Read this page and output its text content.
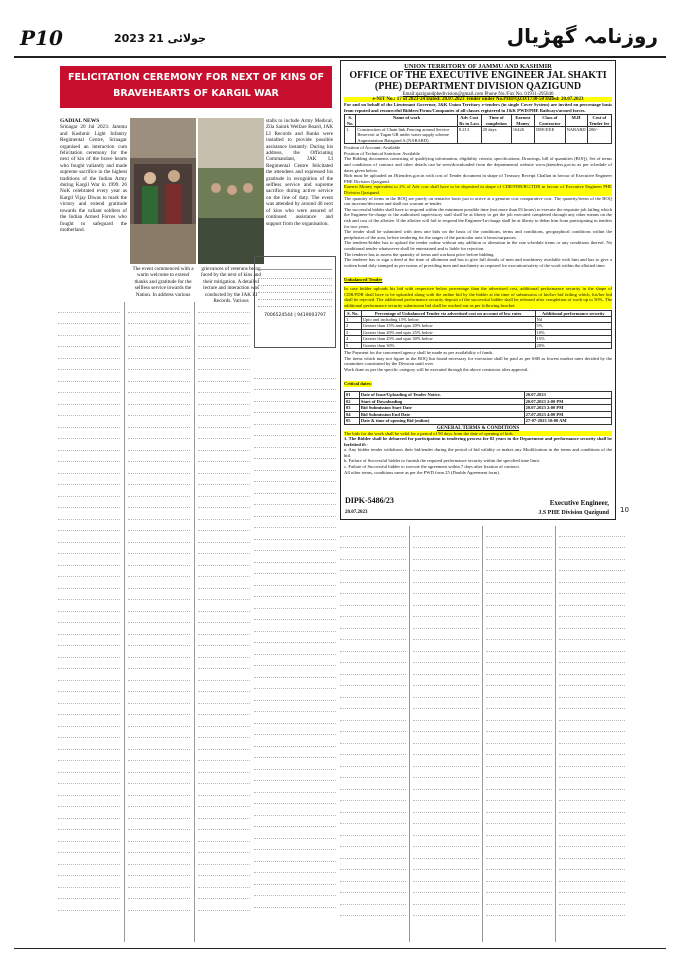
P10	2023 21 جولائی	روزنامہ گھڑیال
FELICITATION CEREMONY FOR NEXT OF KINS OF
BRAVEHEARTS OF KARGIL WAR
GADIAL NEWS
Srinagar 20 Jul 2023: Jammu and Kashmir Light Infantry Regimental Centre, Srinagar organised an interaction cum felicitation ceremony for the next of kin of the brave hearts who fought valiantly and made supreme sacrifice in the highest traditions of the Indian Army during Kargil War in 1999. 26 NoK celebrated every year as Kargil Vijay Diwas to mark the victory and extend gratitude towards the valiant soldiers of the Indian Armed Forces who fought to safeguard the motherland.
The event commenced with a warm welcome to extend thanks and gratitude for the selfless service towards the Nation. In address various
grievances of veterans being faced by the next of kins and their mitigation. A detailed lecture and interaction was conducted by the JAK LI Records. Various
stalls to include Army Medical, Zila Sainik Welfare Board, JAK LI Records and Banks were installed to provide possible assistance instantly. During his address, the Officiating Commandant, JAK LI Regimental Centre felicitated the attendees and expressed his gratitude in recognition of the selfless service and supreme sacrifice during active service on the line of duty. The event was attended by around 40 next of kins who were assured of continued assistance and support from the organisation.
7006524544 | 9419003797
UNION TERRITORY OF JAMMU AND KASHMIR
OFFICE OF THE EXECUTIVE ENGINEER JAL SHAKTI
(PHE) DEPARTMENT DIVISION QAZIGUND
Email:qazigundphedivision@gmail.com Phone No./Fax No. 01931-295040
e-NIT No.: 17 of 2023-24 Dated: 20.07.2023 Tender under No.PHD/QZD/1730-50 Dated: 20.07.2023
For and on behalf of the Lieutenant Governor, J&K Union Territory e-tenders (in single Cover System) are invited on percentage basis from reputed and resourceful Bidders/Firms/Companies of all classes registered in J&K PWD/PHE Railways/armed forces.
S. No.	Name of work	Adv Cost Rs in Lacs	Time of completion	Earnest Money	Class of Contractor	M.H	Cost of Tender fee
1.	Construction of Chain link Fencing around Service Reservoir at Tagan GR under water supply scheme Augmentation Batagund A (NABARD).	8.213	20 days	16426	DEE/EEE	NABARD	200/-
Position of Account: Available
Position of Technical Sanction: Available
The Bidding documents consisting of qualifying information, eligibility criteria, specifications, Drawings, bill of quantities (BOQ), Set of terms and conditions of contract and other details can be seen/downloaded from the departmental website www.jktenders.gov.in as per schedule of dates given below.
Bids must be uploaded on JKtenders.gov.in with cost of Tender document in shape of Treasury Receipt Challan in favour of Executive Engineer PHE Division Qazigund.
Earnest Money equivalent to 2% of Adv cost shall have to be deposited in shape of CDR/FDR/BG/TDR in favour of Executive Engineer PHE Division Qazigund.
The quantity of items in the BOQ are purely on tentative basis just to arrive at a genuine cost comparative cost. The quantity/items of the BOQ can increase/decrease and shall not warrant re-tender.
The successful bidder shall have to respond within the minimum possible time (not more than 03 hours) to execute the requisite job failing which the Engineer-In-charge or the authorised supervisory staff shall be at liberty to get the job executed completed through any other means on the risk and cost of the allottee. If the allottee will fail to respond the Engineer-In-charge shall be at liberty to debar him from participating in tenders for two years.
The tender shall be submitted with item rate bids on the basis of the conditions, terms and conditions, geographical conditions within the peripheries of the area, before tendering for the stages of the particular area it bears/surpasses.
The tenderer/bidder has to upload the tender online without any addition or alteration in the rate schedule items or any conditions thereof. No conditional tender whatsoever shall be entertained and is liable for rejection.
The tenderer has to assess the quantity of items and workout price before bidding.
The tenderer has to sign a deed at the time of allotment and has to give full details of men and machinery available with him and has to give a written bond duly stamped as per norms of providing men and machinery as required for execution/safety of the work within the allotted time.
Unbalanced Tender
In case bidder uploads his bid with respective below percentage than the advertised cost, additional performance security in the shape of CDR/FDR shall have to be uploaded along with the online bid by the bidder at the time of submission of his/her bid failing which, his/her bid shall be rejected. The additional performance security deposit of the successful bidder shall be released after completion of work up to 50%. The additional performance security submission bid shall be worked out as per following bracket:
S. No.	Percentage of Unbalanced Tender viz advertised cost on account of low rates	Additional performance security
1	Upto and including 15% below	Nil
2	Greater than 15% and upto 20% below	5%
3	Greater than 20% and upto 25% below	10%
4	Greater than 25% and upto 30% below	15%
5	Greater than 30%	20%
The Payment for the concerned agency shall be made as per availability of funds.
The items which may not figure in the BOQ but found necessary for execution shall be paid as per SSR as lowest market rates decided by the committee constituted by the Division until over.
Work done as per the specific category will be executed through the above contractor after approval.
Critical dates:
01	Date of Issue/Uploading of Tender Notice.	20.07.2023
02	Start of Downloading	20.07.2023 2:00 PM
03	Bid Submission Start Date	20.07.2023 2:00 PM
04	Bid Submission End Date	27.07.2023 4:00 PM
05	Date & time of opening Bid (online)	27-07-2023 10:00 AM
GENERAL TERMS & CONDITIONS
The bids for the work shall be valid for a period of 90 days from the date of opening of bids.
1. The Bidder shall be debarred for participation in tendering process for 02 years in the Department and performance security shall be forfeited if:-
a. Any bidder tender withdraws their bid/tender during the period of bid validity or makes any Modification in the terms and conditions of the bid.
b. Failure of Successful bidder to furnish the required performance security within the specified time limit.
c. Failure of Successful bidder to execute the agreement within 7 days after fixation of contract.
All other terms, conditions same as per the PWD form 25 (Double Agreement form).
DIPK-5486/23
20.07.2023
Executive Engineer,
J.S PHE Division Qazigund 10
